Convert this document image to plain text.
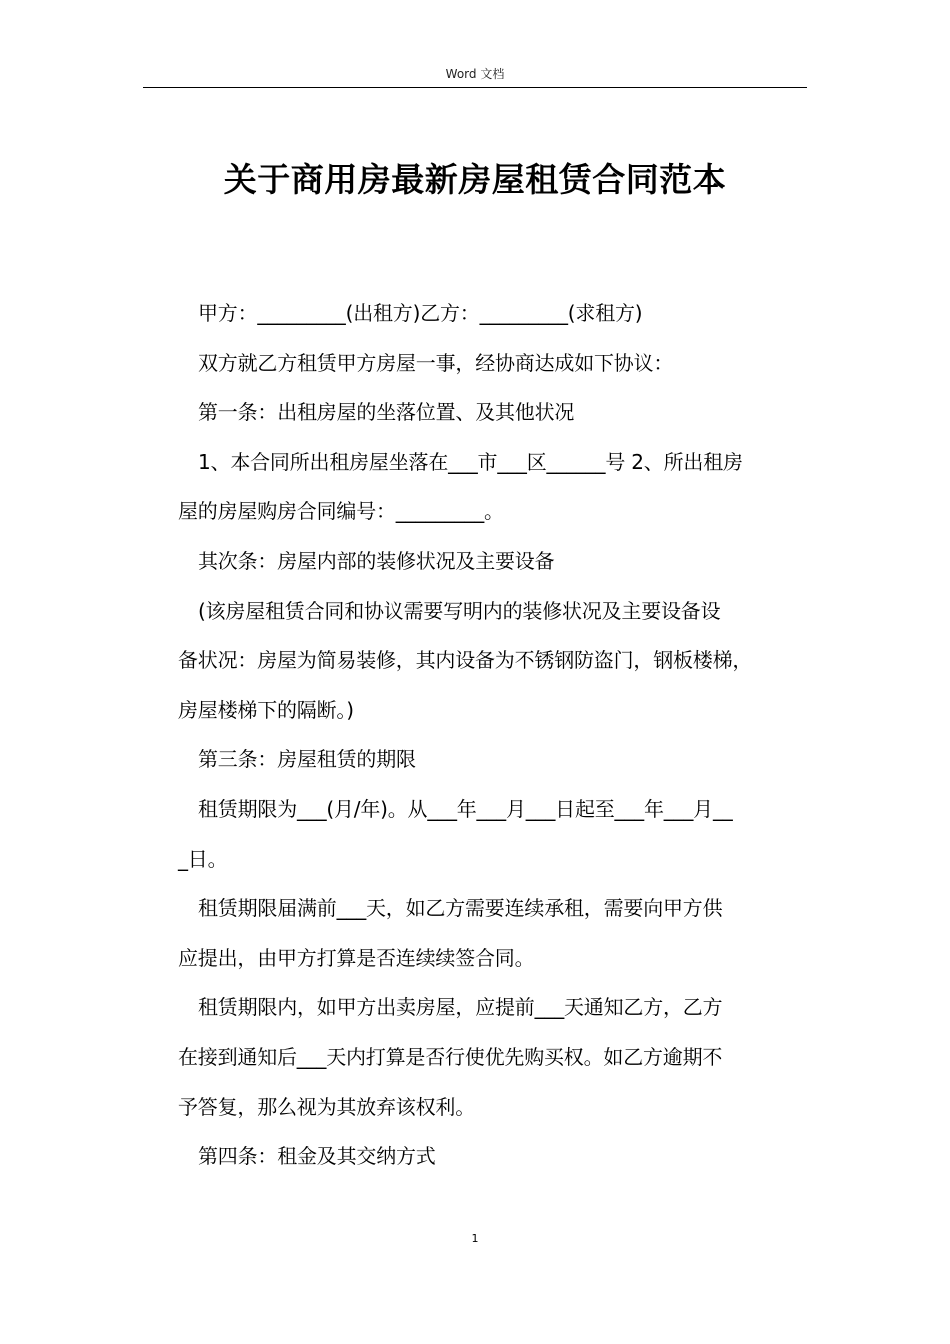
Word 文档
关于商用房最新房屋租赁合同范本

甲方：_________(出租方)乙方：_________(求租方)

双方就乙方租赁甲方房屋一事，经协商达成如下协议：

第一条：出租房屋的坐落位置、及其他状况

1、本合同所出租房屋坐落在___市___区______号 2、所出租房

屋的房屋购房合同编号：_________。

其次条：房屋内部的装修状况及主要设备

(该房屋租赁合同和协议需要写明内的装修状况及主要设备设

备状况：房屋为简易装修，其内设备为不锈钢防盗门，钢板楼梯，

房屋楼梯下的隔断。)

第三条：房屋租赁的期限

租赁期限为___(月/年)。从___年___月___日起至___年___月__

_日。

租赁期限届满前___天，如乙方需要连续承租，需要向甲方供

应提出，由甲方打算是否连续续签合同。

租赁期限内，如甲方出卖房屋，应提前___天通知乙方，乙方

在接到通知后___天内打算是否行使优先购买权。如乙方逾期不

予答复，那么视为其放弃该权利。

第四条：租金及其交纳方式

1
